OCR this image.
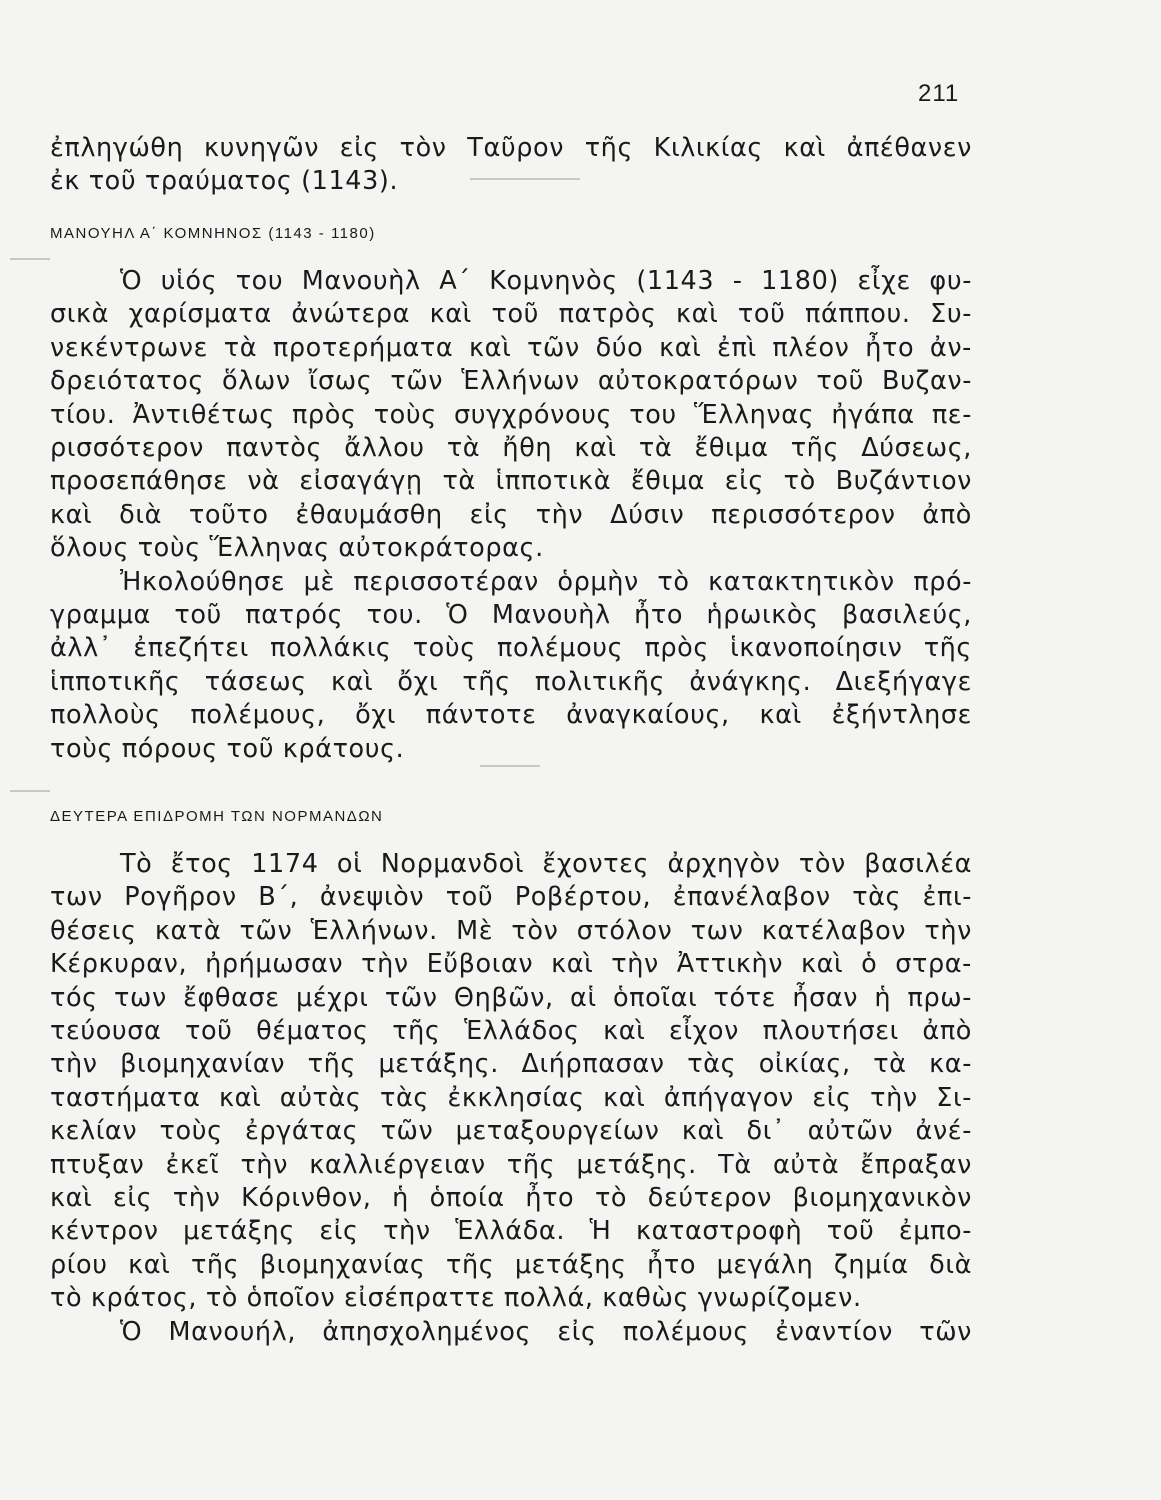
211
ἐπληγώθη κυνηγῶν εἰς τὸν Ταῦρον τῆς Κιλικίας καὶ ἀπέθανεν
ἐκ τοῦ τραύματος (1143).
ΜΑΝΟΥΗΛ Α΄ ΚΟΜΝΗΝΟΣ (1143 - 1180)
Ὁ υἱός του Μανουὴλ Α΄ Κομνηνὸς (1143 - 1180) εἶχε φυ-
σικὰ χαρίσματα ἀνώτερα καὶ τοῦ πατρὸς καὶ τοῦ πάππου. Συ-
νεκέντρωνε τὰ προτερήματα καὶ τῶν δύο καὶ ἐπὶ πλέον ἦτο ἀν-
δρειότατος ὅλων ἴσως τῶν Ἑλλήνων αὐτοκρατόρων τοῦ Βυζαν-
τίου. Ἀντιθέτως πρὸς τοὺς συγχρόνους του Ἕλληνας ἠγάπα πε-
ρισσότερον παντὸς ἄλλου τὰ ἤθη καὶ τὰ ἔθιμα τῆς Δύσεως,
προσεπάθησε νὰ εἰσαγάγῃ τὰ ἱπποτικὰ ἔθιμα εἰς τὸ Βυζάντιον
καὶ διὰ τοῦτο ἐθαυμάσθη εἰς τὴν Δύσιν περισσότερον ἀπὸ
ὅλους τοὺς Ἕλληνας αὐτοκράτορας.
Ἠκολούθησε μὲ περισσοτέραν ὁρμὴν τὸ κατακτητικὸν πρό-
γραμμα τοῦ πατρός του. Ὁ Μανουὴλ ἦτο ἡρωικὸς βασιλεύς,
ἀλλ᾽ ἐπεζήτει πολλάκις τοὺς πολέμους πρὸς ἱκανοποίησιν τῆς
ἱπποτικῆς τάσεως καὶ ὄχι τῆς πολιτικῆς ἀνάγκης. Διεξήγαγε
πολλοὺς πολέμους, ὄχι πάντοτε ἀναγκαίους, καὶ ἐξήντλησε
τοὺς πόρους τοῦ κράτους.
ΔΕΥΤΕΡΑ ΕΠΙΔΡΟΜΗ ΤΩΝ ΝΟΡΜΑΝΔΩΝ
Τὸ ἔτος 1174 οἱ Νορμανδοὶ ἔχοντες ἀρχηγὸν τὸν βασιλέα
των Ρογῆρον Β΄, ἀνεψιὸν τοῦ Ροβέρτου, ἐπανέλαβον τὰς ἐπι-
θέσεις κατὰ τῶν Ἑλλήνων. Μὲ τὸν στόλον των κατέλαβον τὴν
Κέρκυραν, ἠρήμωσαν τὴν Εὔβοιαν καὶ τὴν Ἀττικὴν καὶ ὁ στρα-
τός των ἔφθασε μέχρι τῶν Θηβῶν, αἱ ὁποῖαι τότε ἦσαν ἡ πρω-
τεύουσα τοῦ θέματος τῆς Ἑλλάδος καὶ εἶχον πλουτήσει ἀπὸ
τὴν βιομηχανίαν τῆς μετάξης. Διήρπασαν τὰς οἰκίας, τὰ κα-
ταστήματα καὶ αὐτὰς τὰς ἐκκλησίας καὶ ἀπήγαγον εἰς τὴν Σι-
κελίαν τοὺς ἐργάτας τῶν μεταξουργείων καὶ δι᾽ αὐτῶν ἀνέ-
πτυξαν ἐκεῖ τὴν καλλιέργειαν τῆς μετάξης. Τὰ αὐτὰ ἔπραξαν
καὶ εἰς τὴν Κόρινθον, ἡ ὁποία ἦτο τὸ δεύτερον βιομηχανικὸν
κέντρον μετάξης εἰς τὴν Ἑλλάδα. Ἡ καταστροφὴ τοῦ ἐμπο-
ρίου καὶ τῆς βιομηχανίας τῆς μετάξης ἦτο μεγάλη ζημία διὰ
τὸ κράτος, τὸ ὁποῖον εἰσέπραττε πολλά, καθὼς γνωρίζομεν.
Ὁ Μανουήλ, ἀπησχολημένος εἰς πολέμους ἐναντίον τῶν
